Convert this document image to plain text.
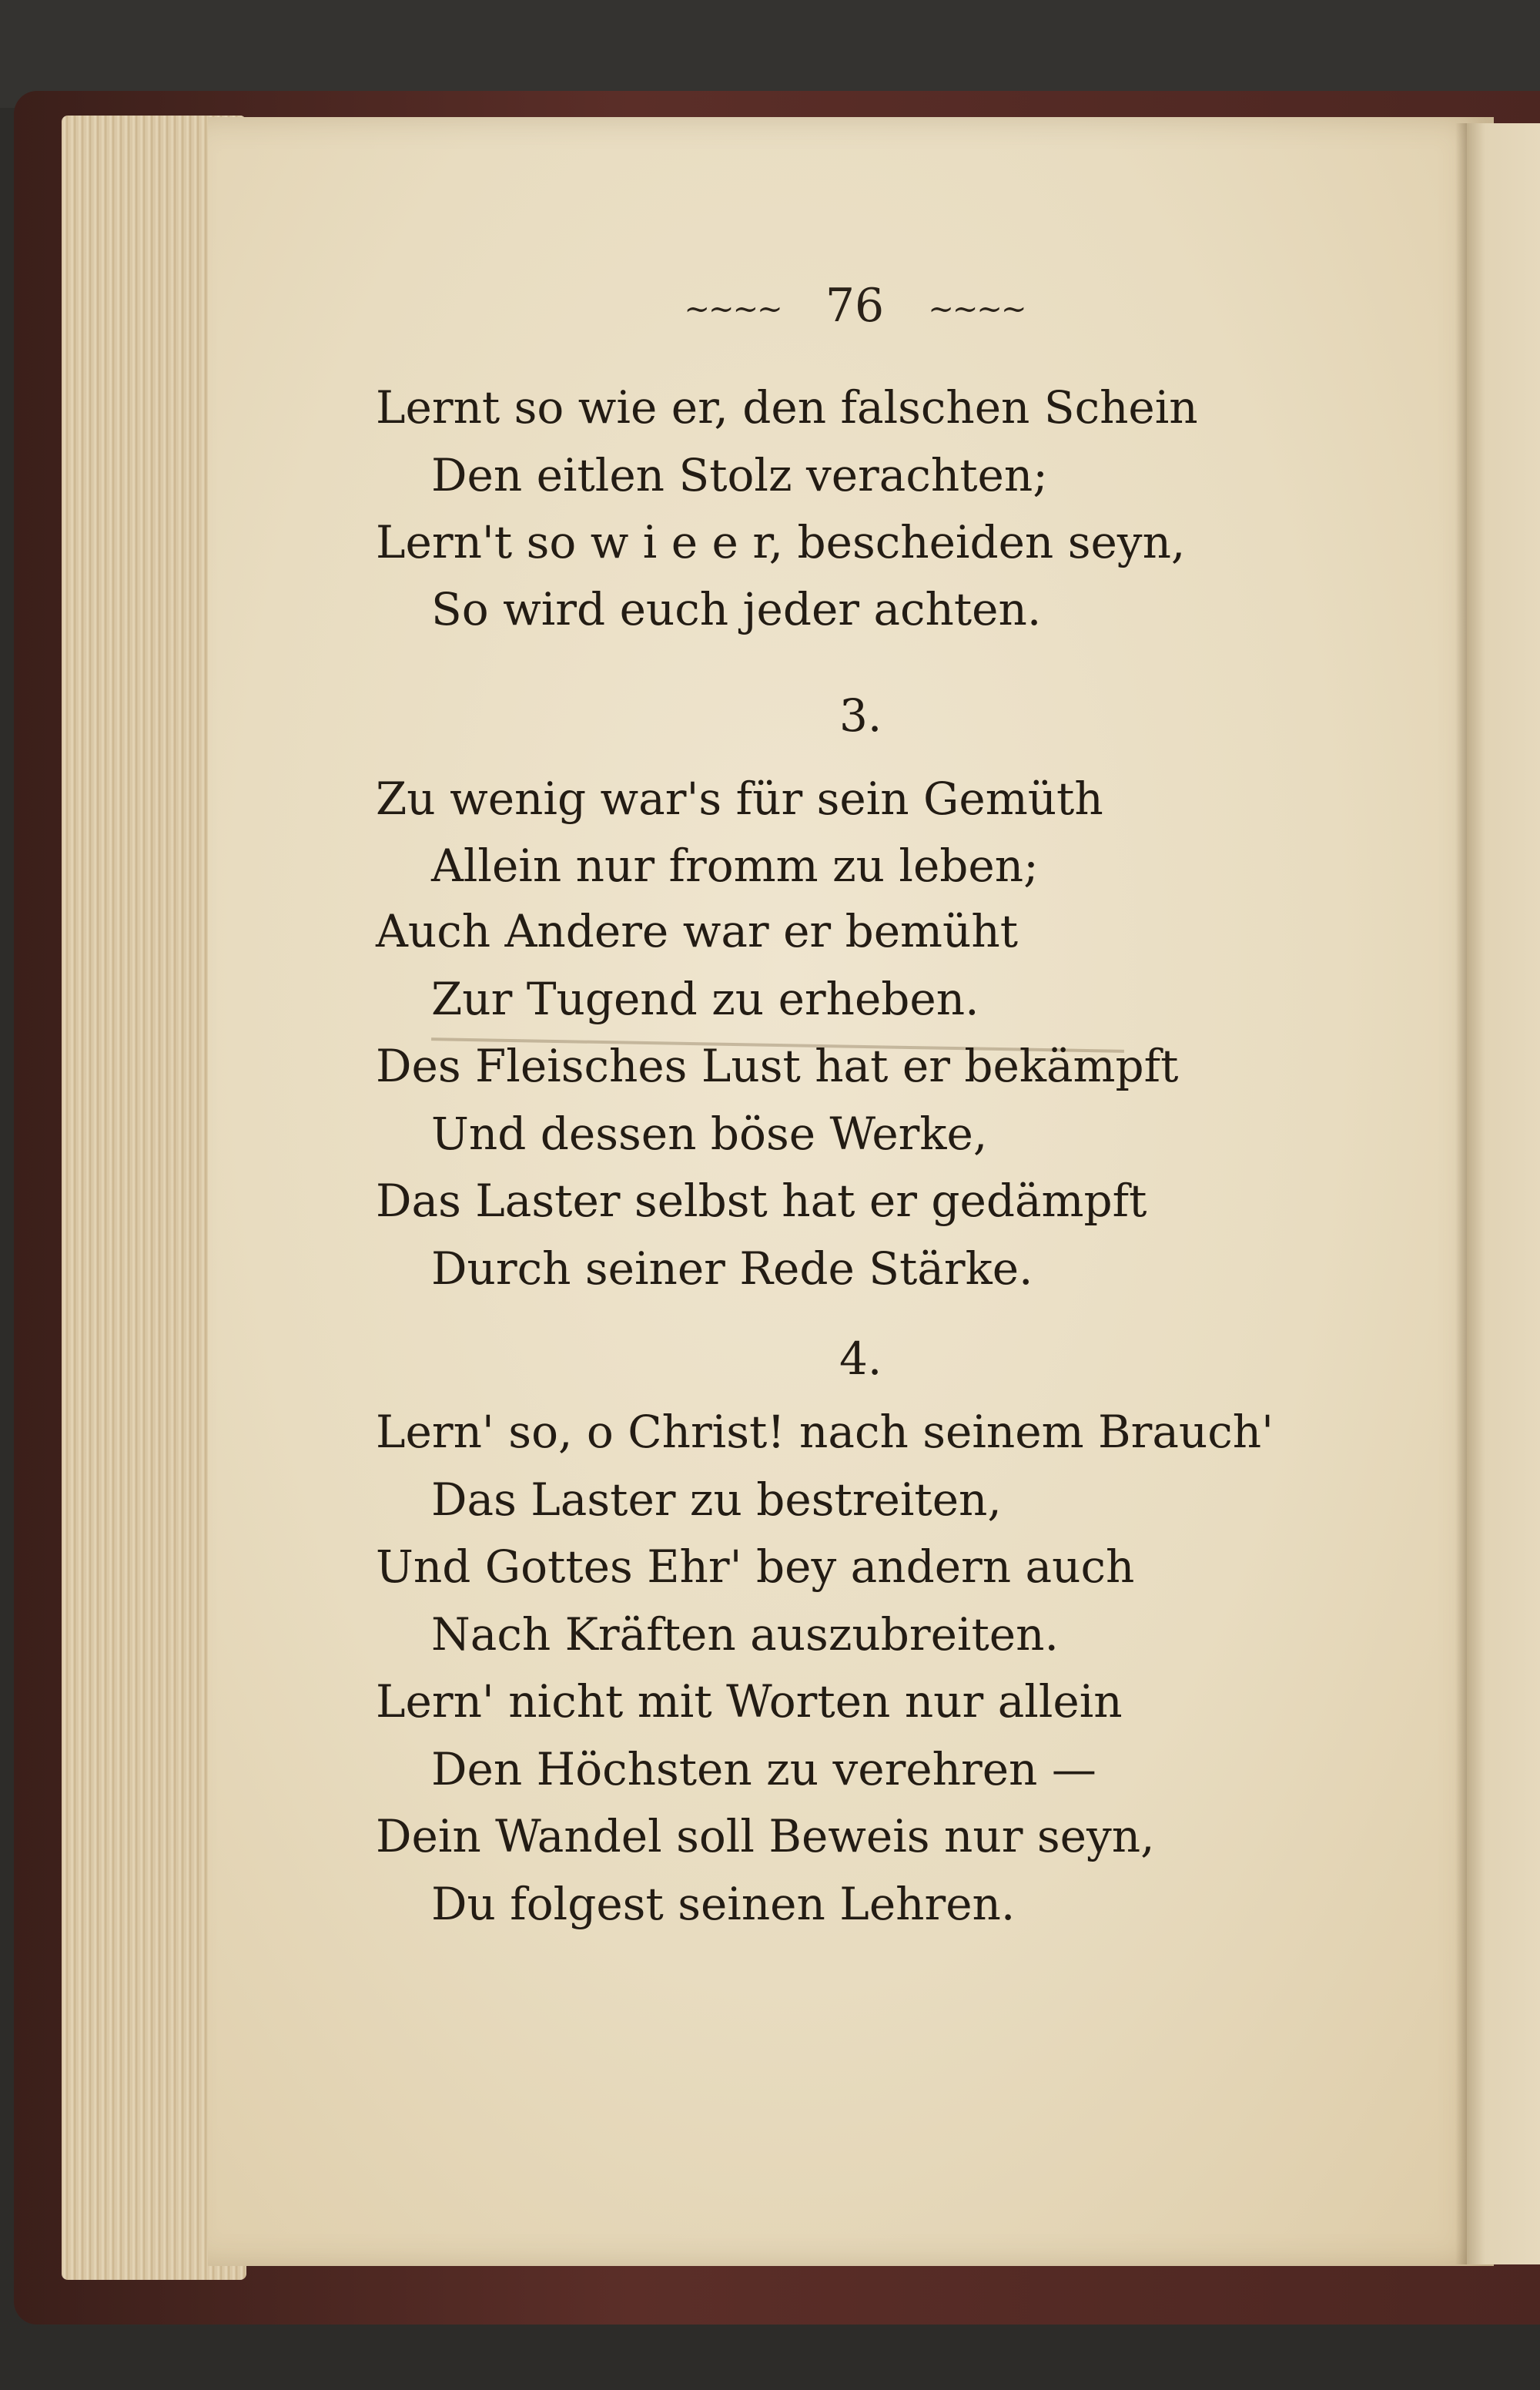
~~~~ 76 ~~~~
Lernt so wie er, den falschen Schein
Den eitlen Stolz verachten;
Lern't so w i e e r, bescheiden seyn,
So wird euch jeder achten.
3.
Zu wenig war's für sein Gemüth
Allein nur fromm zu leben;
Auch Andere war er bemüht
Zur Tugend zu erheben.
Des Fleisches Lust hat er bekämpft
Und dessen böse Werke,
Das Laster selbst hat er gedämpft
Durch seiner Rede Stärke.
4.
Lern' so, o Christ! nach seinem Brauch'
Das Laster zu bestreiten,
Und Gottes Ehr' bey andern auch
Nach Kräften auszubreiten.
Lern' nicht mit Worten nur allein
Den Höchsten zu verehren —
Dein Wandel soll Beweis nur seyn,
Du folgest seinen Lehren.
